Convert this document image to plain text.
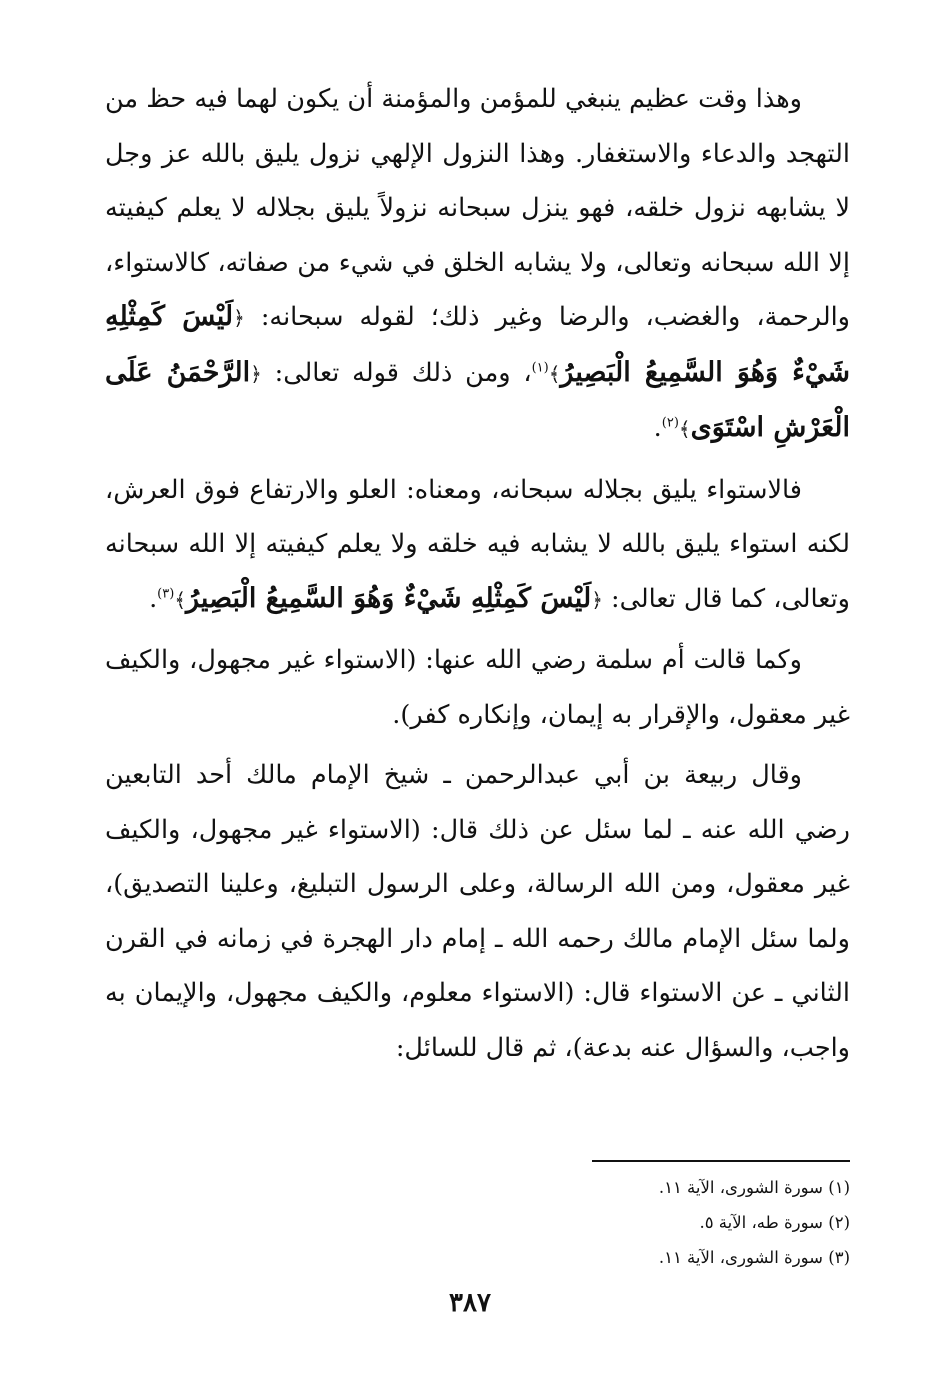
وهذا وقت عظيم ينبغي للمؤمن والمؤمنة أن يكون لهما فيه حظ من التهجد والدعاء والاستغفار. وهذا النزول الإلهي نزول يليق بالله عز وجل لا يشابهه نزول خلقه، فهو ينزل سبحانه نزولاً يليق بجلاله لا يعلم كيفيته إلا الله سبحانه وتعالى، ولا يشابه الخلق في شيء من صفاته، كالاستواء، والرحمة، والغضب، والرضا وغير ذلك؛ لقوله سبحانه: ﴿لَيْسَ كَمِثْلِهِ شَيْءٌ وَهُوَ السَّمِيعُ الْبَصِيرُ﴾$^{(١)}$، ومن ذلك قوله تعالى: ﴿الرَّحْمَنُ عَلَى الْعَرْشِ اسْتَوَى﴾$^{(٢)}$.

فالاستواء يليق بجلاله سبحانه، ومعناه: العلو والارتفاع فوق العرش، لكنه استواء يليق بالله لا يشابه فيه خلقه ولا يعلم كيفيته إلا الله سبحانه وتعالى، كما قال تعالى: ﴿لَيْسَ كَمِثْلِهِ شَيْءٌ وَهُوَ السَّمِيعُ الْبَصِيرُ﴾$^{(٣)}$.

وكما قالت أم سلمة رضي الله عنها: (الاستواء غير مجهول، والكيف غير معقول، والإقرار به إيمان، وإنكاره كفر).

وقال ربيعة بن أبي عبدالرحمن ـ شيخ الإمام مالك أحد التابعين رضي الله عنه ـ لما سئل عن ذلك قال: (الاستواء غير مجهول، والكيف غير معقول، ومن الله الرسالة، وعلى الرسول التبليغ، وعلينا التصديق)، ولما سئل الإمام مالك رحمه الله ـ إمام دار الهجرة في زمانه في القرن الثاني ـ عن الاستواء قال: (الاستواء معلوم، والكيف مجهول، والإيمان به واجب، والسؤال عنه بدعة)، ثم قال للسائل:

(١) سورة الشورى، الآية ١١.
(٢) سورة طه، الآية ٥.
(٣) سورة الشورى، الآية ١١.
٣٨٧
